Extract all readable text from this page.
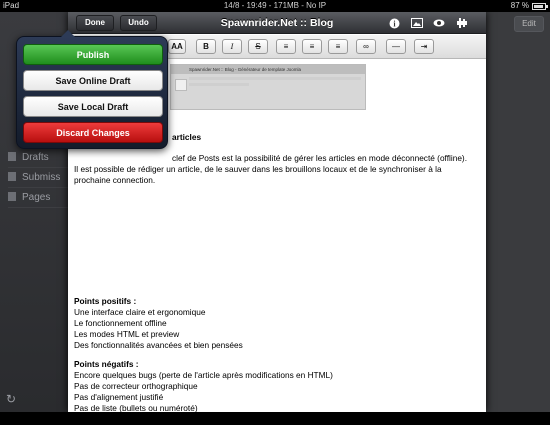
iPad	14/8 - 19:49 - 171MB - No IP	87 %
Drafts
Submiss
Pages
↻
Edit
Done	Undo	Spawnrider.Net :: Blog	i
AA	B	I	S	≡	≡	≡	∞	—	⇥
Spawnrider.Net :: Blog - Générateur de template Joomla
articles
clef de Posts est la possibilité de gérer les articles en mode déconnecté (offline).
Il est possible de rédiger un article, de le sauver dans les brouillons locaux et de le synchroniser à la
prochaine connection.
Points positifs :
Une interface claire et ergonomique
Le fonctionnement offline
Les modes HTML et preview
Des fonctionnalités avancées et bien pensées
Points négatifs :
Encore quelques bugs (perte de l'article après modifications en HTML)
Pas de correcteur orthographique
Pas d'alignement justifié
Pas de liste (bullets ou numéroté)
Le prix
Publish
Save Online Draft
Save Local Draft
Discard Changes
